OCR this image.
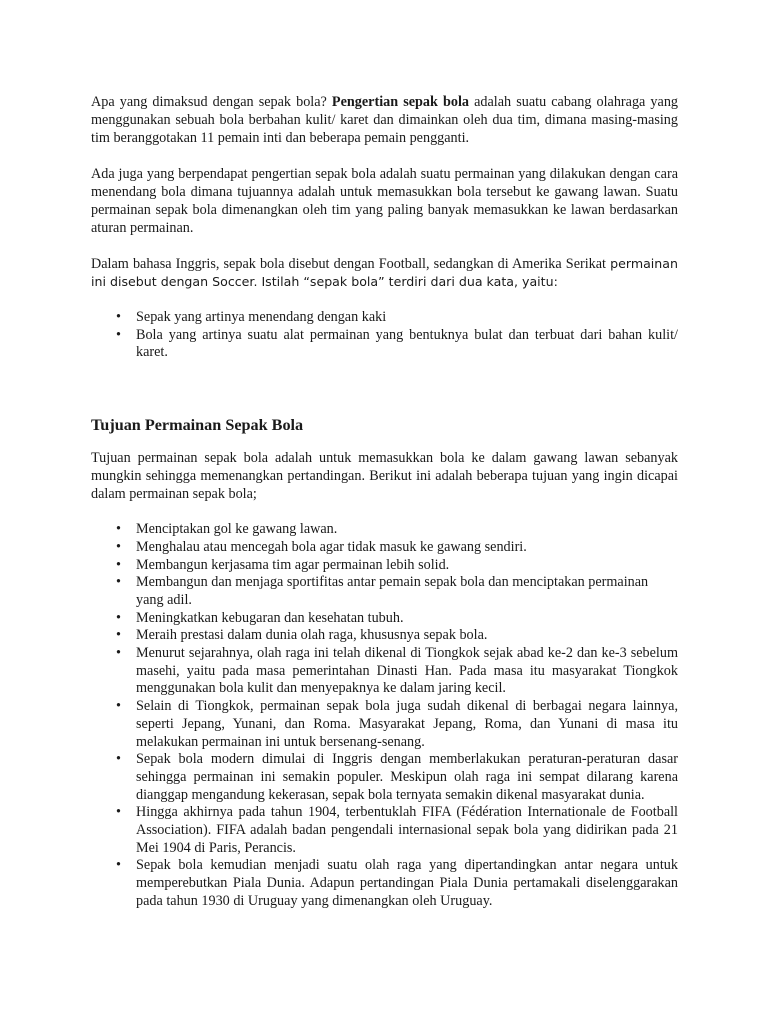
Apa yang dimaksud dengan sepak bola? Pengertian sepak bola adalah suatu cabang olahraga yang menggunakan sebuah bola berbahan kulit/ karet dan dimainkan oleh dua tim, dimana masing-masing tim beranggotakan 11 pemain inti dan beberapa pemain pengganti.

Ada juga yang berpendapat pengertian sepak bola adalah suatu permainan yang dilakukan dengan cara menendang bola dimana tujuannya adalah untuk memasukkan bola tersebut ke gawang lawan. Suatu permainan sepak bola dimenangkan oleh tim yang paling banyak memasukkan ke lawan berdasarkan aturan permainan.

Dalam bahasa Inggris, sepak bola disebut dengan Football, sedangkan di Amerika Serikat permainan ini disebut dengan Soccer. Istilah “sepak bola” terdiri dari dua kata, yaitu:

• Sepak yang artinya menendang dengan kaki
• Bola yang artinya suatu alat permainan yang bentuknya bulat dan terbuat dari bahan kulit/ karet.
Tujuan Permainan Sepak Bola

Tujuan permainan sepak bola adalah untuk memasukkan bola ke dalam gawang lawan sebanyak mungkin sehingga memenangkan pertandingan. Berikut ini adalah beberapa tujuan yang ingin dicapai dalam permainan sepak bola;

• Menciptakan gol ke gawang lawan.
• Menghalau atau mencegah bola agar tidak masuk ke gawang sendiri.
• Membangun kerjasama tim agar permainan lebih solid.
• Membangun dan menjaga sportifitas antar pemain sepak bola dan menciptakan permainan yang adil.
• Meningkatkan kebugaran dan kesehatan tubuh.
• Meraih prestasi dalam dunia olah raga, khususnya sepak bola.
• Menurut sejarahnya, olah raga ini telah dikenal di Tiongkok sejak abad ke-2 dan ke-3 sebelum masehi, yaitu pada masa pemerintahan Dinasti Han. Pada masa itu masyarakat Tiongkok menggunakan bola kulit dan menyepaknya ke dalam jaring kecil.
• Selain di Tiongkok, permainan sepak bola juga sudah dikenal di berbagai negara lainnya, seperti Jepang, Yunani, dan Roma. Masyarakat Jepang, Roma, dan Yunani di masa itu melakukan permainan ini untuk bersenang-senang.
• Sepak bola modern dimulai di Inggris dengan memberlakukan peraturan-peraturan dasar sehingga permainan ini semakin populer. Meskipun olah raga ini sempat dilarang karena dianggap mengandung kekerasan, sepak bola ternyata semakin dikenal masyarakat dunia.
• Hingga akhirnya pada tahun 1904, terbentuklah FIFA (Fédération Internationale de Football Association). FIFA adalah badan pengendali internasional sepak bola yang didirikan pada 21 Mei 1904 di Paris, Perancis.
• Sepak bola kemudian menjadi suatu olah raga yang dipertandingkan antar negara untuk memperebutkan Piala Dunia. Adapun pertandingan Piala Dunia pertamakali diselenggarakan pada tahun 1930 di Uruguay yang dimenangkan oleh Uruguay.
